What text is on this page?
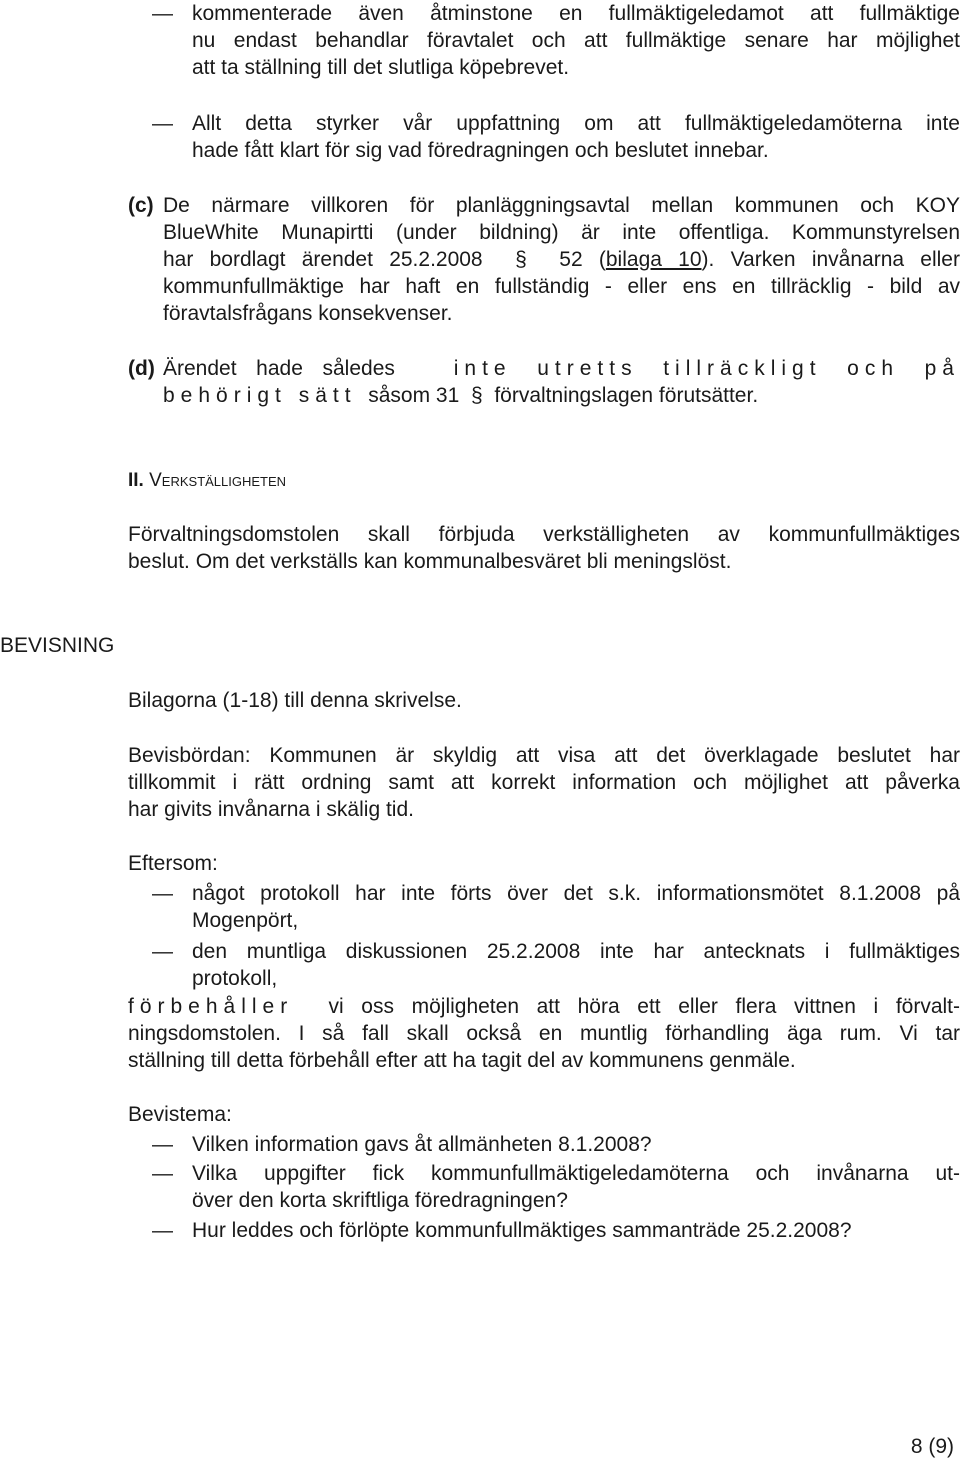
— kommenterade även åtminstone en fullmäktigeledamot att fullmäktige
nu endast behandlar föravtalet och att fullmäktige senare har möjlighet
att ta ställning till det slutliga köpebrevet.
— Allt detta styrker vår uppfattning om att fullmäktigeledamöterna inte
hade fått klart för sig vad föredragningen och beslutet innebar.
(c) De närmare villkoren för planläggningsavtal mellan kommunen och KOY
BlueWhite Munapirtti (under bildning) är inte offentliga. Kommunstyrelsen
har bordlagt ärendet 25.2.2008 § 52 (bilaga 10). Varken invånarna eller
kommunfullmäktige har haft en fullständig - eller ens en tillräcklig - bild av
föravtalsfrågans konsekvenser.
(d) Ärendet hade således	inte utretts tillräckligt och på
behörigt sätt såsom 31 § förvaltningslagen förutsätter.
II. Verkställigheten
Förvaltningsdomstolen skall förbjuda verkställigheten av kommunfullmäktiges
beslut. Om det verkställs kan kommunalbesväret bli meningslöst.
BEVISNING
Bilagorna (1-18) till denna skrivelse.
Bevisbördan: Kommunen är skyldig att visa att det överklagade beslutet har
tillkommit i rätt ordning samt att korrekt information och möjlighet att påverka
har givits invånarna i skälig tid.
Eftersom:
— något protokoll har inte förts över det s.k. informationsmötet 8.1.2008 på
Mogenpört,
— den muntliga diskussionen 25.2.2008 inte har antecknats i fullmäktiges
protokoll,
förbehåller vi oss möjligheten att höra ett eller flera vittnen i förvalt-
ningsdomstolen. I så fall skall också en muntlig förhandling äga rum. Vi tar
ställning till detta förbehåll efter att ha tagit del av kommunens genmäle.
Bevistema:
— Vilken information gavs åt allmänheten 8.1.2008?
— Vilka uppgifter fick kommunfullmäktigeledamöterna och invånarna ut-
över den korta skriftliga föredragningen?
— Hur leddes och förlöpte kommunfullmäktiges sammanträde 25.2.2008?
8 (9)
